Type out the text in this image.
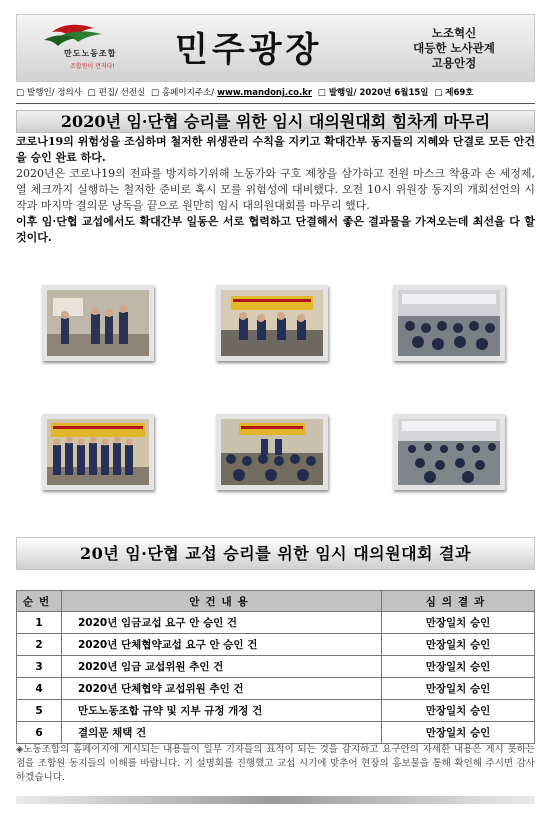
만도노동조합
조합원이 먼저다! 민주광장	노조혁신
대등한 노사관계
고용안정
□ 발행인/ 정의사 □ 편집/ 선전실 □ 홈페이지주소/ www.mandonj.co.kr □ 발행일/ 2020년 6월15일 □ 제69호
2020년 임·단협 승리를 위한 임시 대의원대회 힘차게 마무리

코로나19의 위험성을 조심하며 철저한 위생관리 수칙을 지키고 확대간부 동지들의 지혜와 단결로 모든 안건을 승인 완료 하다.

2020년은 코로나19의 전파를 방지하기위해 노동가와 구호 제창을 삼가하고 전원 마스크 착용과 손 세정제, 열 체크까지 실행하는 철저한 준비로 혹시 모를 위험성에 대비했다. 오전 10시 위원장 동지의 개회선언의 시작과 마지막 결의문 낭독을 끝으로 원만히 임시 대의원대회를 마무리 했다.

이후 임·단협 교섭에서도 확대간부 일동은 서로 협력하고 단결해서 좋은 결과물을 가져오는데 최선을 다 할 것이다.

20년 임·단협 교섭 승리를 위한 임시 대의원대회 결과
순번	안건내용	심의결과
1	2020년 임금교섭 요구 안 승인 건	만장일치 승인
2	2020년 단체협약교섭 요구 안 승인 건	만장일치 승인
3	2020년 임금 교섭위원 추인 건	만장일치 승인
4	2020년 단체협약 교섭위원 추인 건	만장일치 승인
5	만도노동조합 규약 및 지부 규정 개정 건	만장일치 승인
6	결의문 채택 건	만장일치 승인
◈노동조합의 홈페이지에 게시되는 내용들이 일부 기자들의 표적이 되는 것을 감지하고 요구안의 자세한 내용은 게시 못하는 점을 조합원 동지들의 이해를 바랍니다. 기 설명회를 진행했고 교섭 시기에 맞추어 현장의 홍보물을 통해 확인해 주시면 감사 하겠습니다.
